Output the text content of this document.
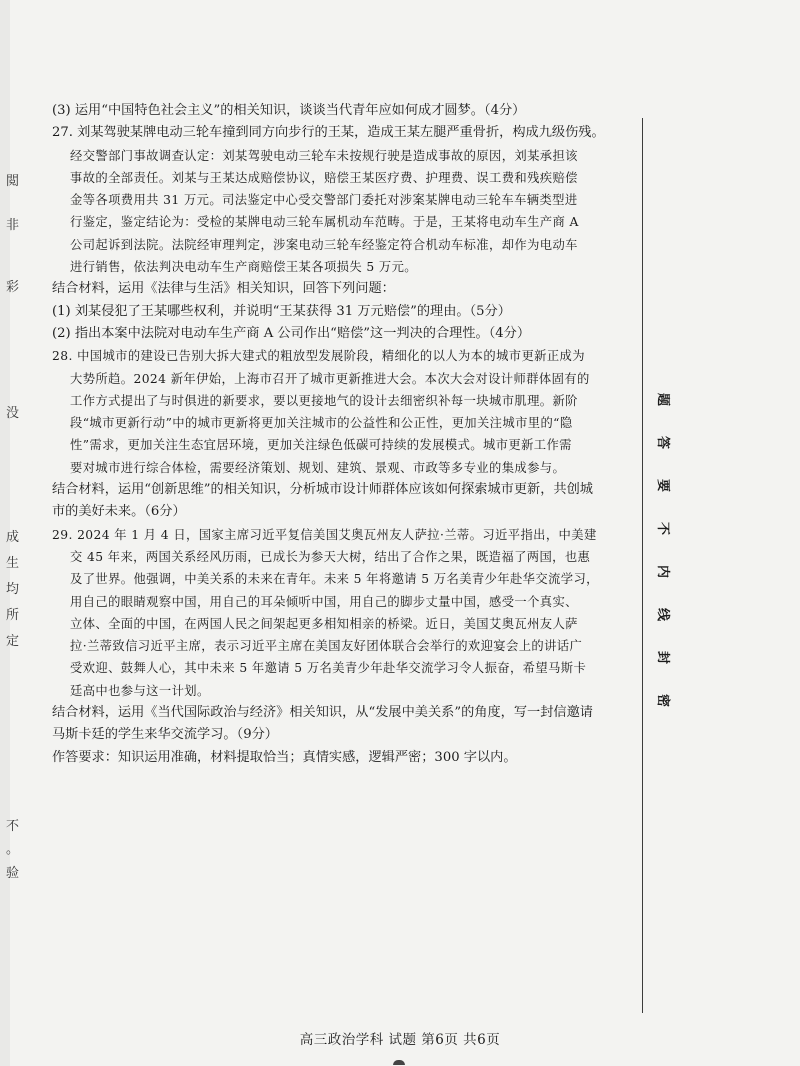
(3) 运用“中国特色社会主义”的相关知识，谈谈当代青年应如何成才圆梦。（4分）
27. 刘某驾驶某牌电动三轮车撞到同方向步行的王某，造成王某左腿严重骨折，构成九级伤残。
经交警部门事故调查认定：刘某驾驶电动三轮车未按规行驶是造成事故的原因，刘某承担该
事故的全部责任。刘某与王某达成赔偿协议，赔偿王某医疗费、护理费、误工费和残疾赔偿
金等各项费用共 31 万元。司法鉴定中心受交警部门委托对涉案某牌电动三轮车车辆类型进
行鉴定，鉴定结论为：受检的某牌电动三轮车属机动车范畴。于是，王某将电动车生产商 A
公司起诉到法院。法院经审理判定，涉案电动三轮车经鉴定符合机动车标准，却作为电动车
进行销售，依法判决电动车生产商赔偿王某各项损失 5 万元。
结合材料，运用《法律与生活》相关知识，回答下列问题：
(1) 刘某侵犯了王某哪些权利，并说明“王某获得 31 万元赔偿”的理由。（5分）
(2) 指出本案中法院对电动车生产商 A 公司作出“赔偿”这一判决的合理性。（4分）
28. 中国城市的建设已告别大拆大建式的粗放型发展阶段，精细化的以人为本的城市更新正成为
大势所趋。2024 新年伊始，上海市召开了城市更新推进大会。本次大会对设计师群体固有的
工作方式提出了与时俱进的新要求，要以更接地气的设计去细密织补每一块城市肌理。新阶
段“城市更新行动”中的城市更新将更加关注城市的公益性和公正性，更加关注城市里的“隐
性”需求，更加关注生态宜居环境，更加关注绿色低碳可持续的发展模式。城市更新工作需
要对城市进行综合体检，需要经济策划、规划、建筑、景观、市政等多专业的集成参与。
结合材料，运用“创新思维”的相关知识，分析城市设计师群体应该如何探索城市更新，共创城
市的美好未来。（6分）
29. 2024 年 1 月 4 日，国家主席习近平复信美国艾奥瓦州友人萨拉·兰蒂。习近平指出，中美建
交 45 年来，两国关系经风历雨，已成长为参天大树，结出了合作之果，既造福了两国，也惠
及了世界。他强调，中美关系的未来在青年。未来 5 年将邀请 5 万名美青少年赴华交流学习，
用自己的眼睛观察中国，用自己的耳朵倾听中国，用自己的脚步丈量中国，感受一个真实、
立体、全面的中国，在两国人民之间架起更多相知相亲的桥梁。近日，美国艾奥瓦州友人萨
拉·兰蒂致信习近平主席，表示习近平主席在美国友好团体联合会举行的欢迎宴会上的讲话广
受欢迎、鼓舞人心，其中未来 5 年邀请 5 万名美青少年赴华交流学习令人振奋，希望马斯卡
廷高中也参与这一计划。
结合材料，运用《当代国际政治与经济》相关知识，从“发展中美关系”的角度，写一封信邀请
马斯卡廷的学生来华交流学习。（9分）
作答要求：知识运用准确，材料提取恰当；真情实感，逻辑严密；300 字以内。
题
答
要
不
内
线
封
密
閲
非
彩
没
成
生
均
所
定
不
。
验
高三政治学科 试题 第6页 共6页
